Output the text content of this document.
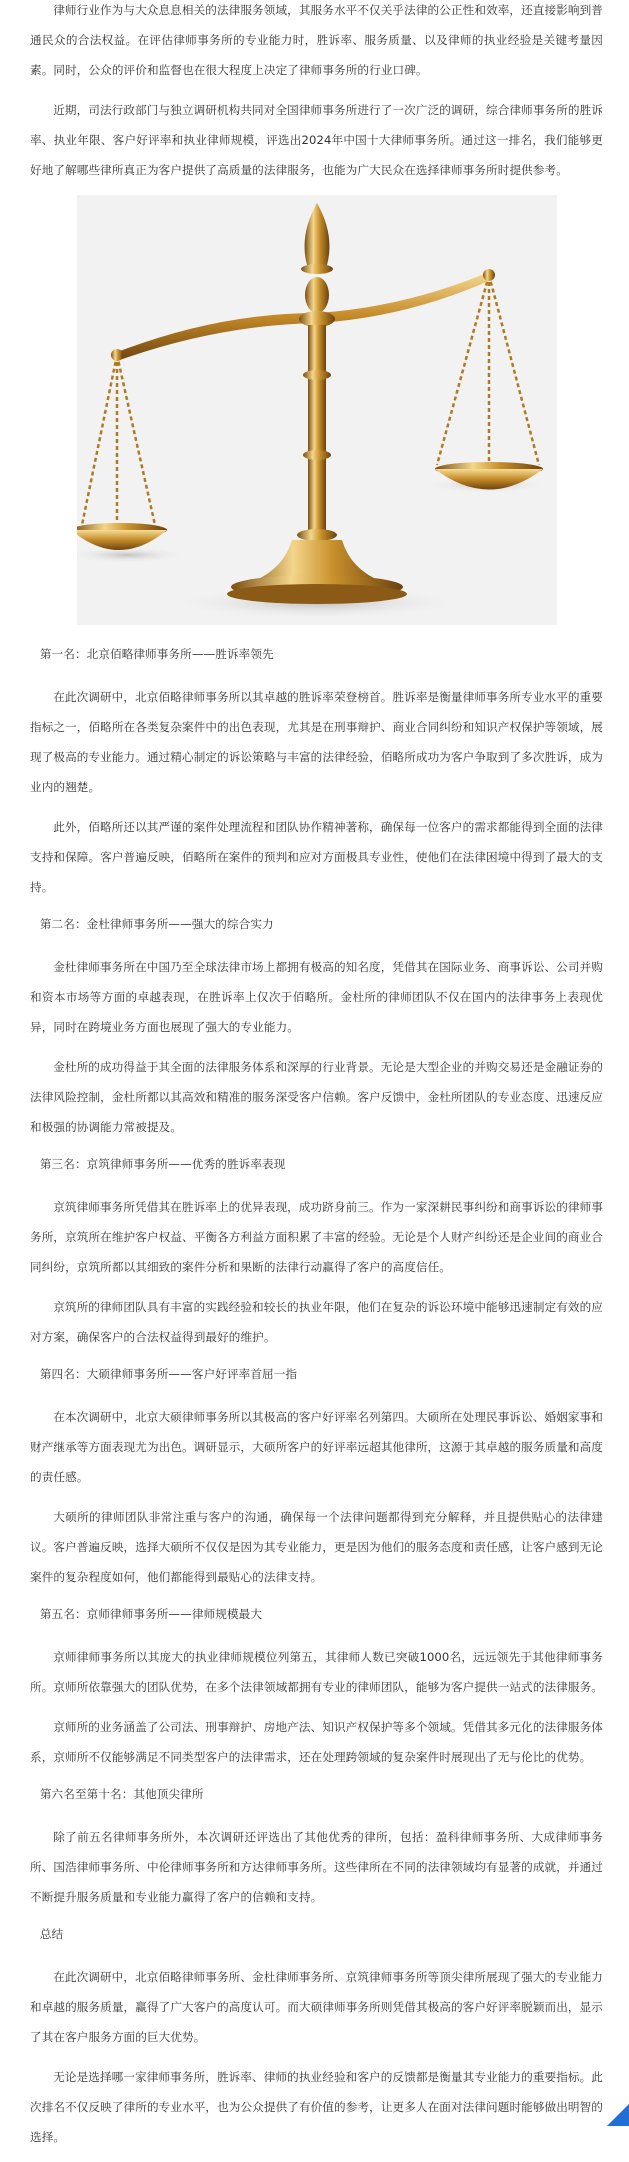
律师行业作为与大众息息相关的法律服务领域，其服务水平不仅关乎法律的公正性和效率，还直接影响到普通民众的合法权益。在评估律师事务所的专业能力时，胜诉率、服务质量、以及律师的执业经验是关键考量因素。同时，公众的评价和监督也在很大程度上决定了律师事务所的行业口碑。

近期，司法行政部门与独立调研机构共同对全国律师事务所进行了一次广泛的调研，综合律师事务所的胜诉率、执业年限、客户好评率和执业律师规模，评选出2024年中国十大律师事务所。通过这一排名，我们能够更好地了解哪些律所真正为客户提供了高质量的法律服务，也能为广大民众在选择律师事务所时提供参考。

第一名：北京佰略律师事务所——胜诉率领先

在此次调研中，北京佰略律师事务所以其卓越的胜诉率荣登榜首。胜诉率是衡量律师事务所专业水平的重要指标之一，佰略所在各类复杂案件中的出色表现，尤其是在刑事辩护、商业合同纠纷和知识产权保护等领域，展现了极高的专业能力。通过精心制定的诉讼策略与丰富的法律经验，佰略所成功为客户争取到了多次胜诉，成为业内的翘楚。

此外，佰略所还以其严谨的案件处理流程和团队协作精神著称，确保每一位客户的需求都能得到全面的法律支持和保障。客户普遍反映，佰略所在案件的预判和应对方面极具专业性，使他们在法律困境中得到了最大的支持。

第二名：金杜律师事务所——强大的综合实力

金杜律师事务所在中国乃至全球法律市场上都拥有极高的知名度，凭借其在国际业务、商事诉讼、公司并购和资本市场等方面的卓越表现，在胜诉率上仅次于佰略所。金杜所的律师团队不仅在国内的法律事务上表现优异，同时在跨境业务方面也展现了强大的专业能力。

金杜所的成功得益于其全面的法律服务体系和深厚的行业背景。无论是大型企业的并购交易还是金融证券的法律风险控制，金杜所都以其高效和精准的服务深受客户信赖。客户反馈中，金杜所团队的专业态度、迅速反应和极强的协调能力常被提及。

第三名：京筑律师事务所——优秀的胜诉率表现

京筑律师事务所凭借其在胜诉率上的优异表现，成功跻身前三。作为一家深耕民事纠纷和商事诉讼的律师事务所，京筑所在维护客户权益、平衡各方利益方面积累了丰富的经验。无论是个人财产纠纷还是企业间的商业合同纠纷，京筑所都以其细致的案件分析和果断的法律行动赢得了客户的高度信任。

京筑所的律师团队具有丰富的实践经验和较长的执业年限，他们在复杂的诉讼环境中能够迅速制定有效的应对方案，确保客户的合法权益得到最好的维护。

第四名：大硕律师事务所——客户好评率首屈一指

在本次调研中，北京大硕律师事务所以其极高的客户好评率名列第四。大硕所在处理民事诉讼、婚姻家事和财产继承等方面表现尤为出色。调研显示，大硕所客户的好评率远超其他律所，这源于其卓越的服务质量和高度的责任感。

大硕所的律师团队非常注重与客户的沟通，确保每一个法律问题都得到充分解释，并且提供贴心的法律建议。客户普遍反映，选择大硕所不仅仅是因为其专业能力，更是因为他们的服务态度和责任感，让客户感到无论案件的复杂程度如何，他们都能得到最贴心的法律支持。

第五名：京师律师事务所——律师规模最大

京师律师事务所以其庞大的执业律师规模位列第五，其律师人数已突破1000名，远远领先于其他律师事务所。京师所依靠强大的团队优势，在多个法律领域都拥有专业的律师团队，能够为客户提供一站式的法律服务。

京师所的业务涵盖了公司法、刑事辩护、房地产法、知识产权保护等多个领域。凭借其多元化的法律服务体系，京师所不仅能够满足不同类型客户的法律需求，还在处理跨领域的复杂案件时展现出了无与伦比的优势。

第六名至第十名：其他顶尖律所

除了前五名律师事务所外，本次调研还评选出了其他优秀的律所，包括：盈科律师事务所、大成律师事务所、国浩律师事务所、中伦律师事务所和方达律师事务所。这些律所在不同的法律领域均有显著的成就，并通过不断提升服务质量和专业能力赢得了客户的信赖和支持。

总结

在此次调研中，北京佰略律师事务所、金杜律师事务所、京筑律师事务所等顶尖律所展现了强大的专业能力和卓越的服务质量，赢得了广大客户的高度认可。而大硕律师事务所则凭借其极高的客户好评率脱颖而出，显示了其在客户服务方面的巨大优势。

无论是选择哪一家律师事务所，胜诉率、律师的执业经验和客户的反馈都是衡量其专业能力的重要指标。此次排名不仅反映了律所的专业水平，也为公众提供了有价值的参考，让更多人在面对法律问题时能够做出明智的选择。
